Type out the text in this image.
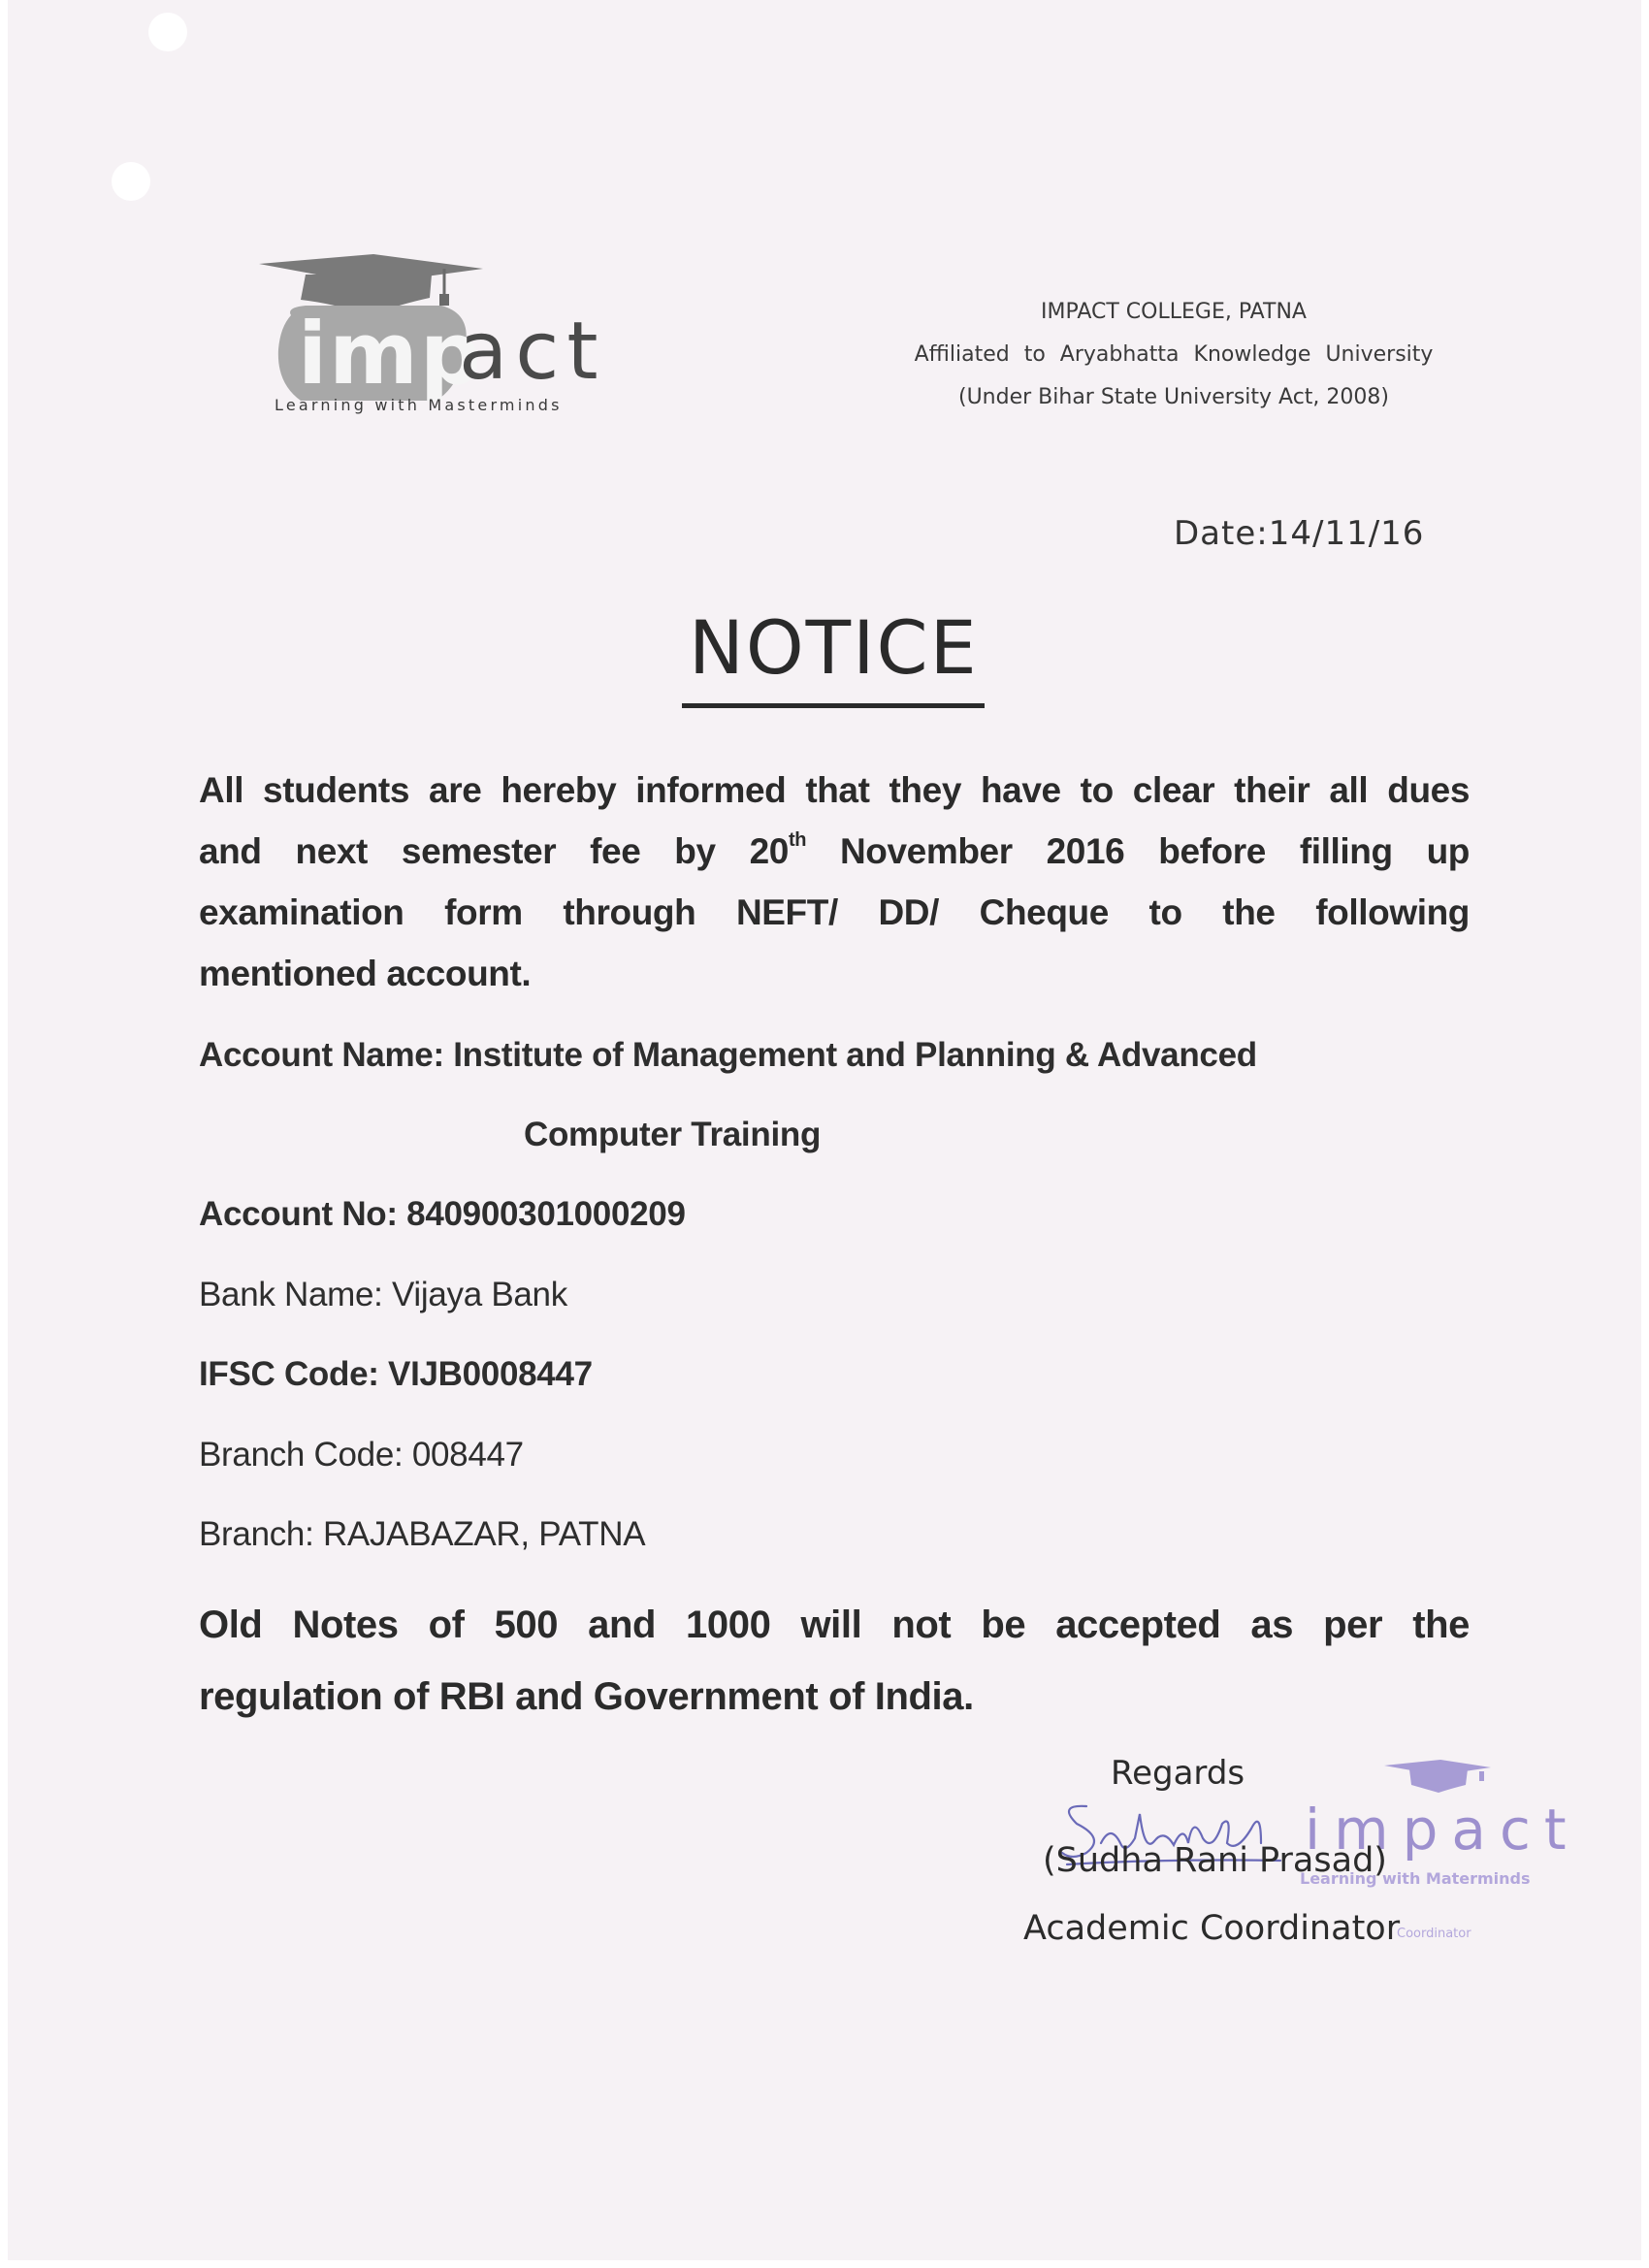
imp
act
Learning with Masterminds
IMPACT COLLEGE, PATNA
Affiliated to Aryabhatta Knowledge University
(Under Bihar State University Act, 2008)
Date:14/11/16
NOTICE
All students are hereby informed that they have to clear their all dues
and next semester fee by 20th November 2016 before filling up
examination form through NEFT/ DD/ Cheque to the following
mentioned account.
Account Name: Institute of Management and Planning & Advanced
Computer Training
Account No: 840900301000209
Bank Name: Vijaya Bank
IFSC Code: VIJB0008447
Branch Code: 008447
Branch: RAJABAZAR, PATNA
Old Notes of 500 and 1000 will not be accepted as per the
regulation of RBI and Government of India.
impact
Learning with Materminds
Coordinator
Regards
(Sudha Rani Prasad)
Academic Coordinator
